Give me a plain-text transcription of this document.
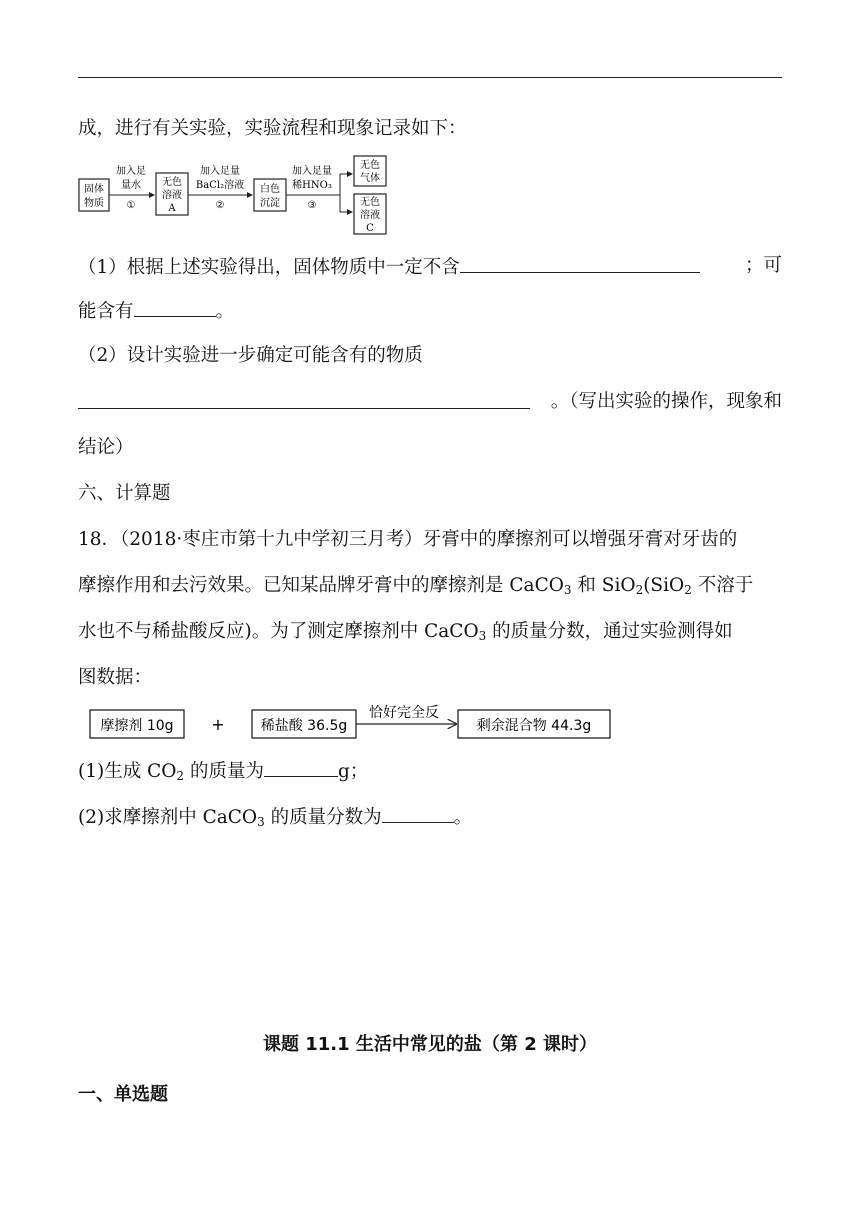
成，进行有关实验，实验流程和现象记录如下：
固体
物质
加入足
量水
①
无色
溶液
A
加入足量
BaCl₂溶液
②
白色
沉淀
加入足量
稀HNO₃
③
无色
气体
无色
溶液
C
（1）根据上述实验得出，固体物质中一定不含	；可
能含有	。
（2）设计实验进一步确定可能含有的物质
。（写出实验的操作，现象和
结论）
六、计算题
18．（2018·枣庄市第十九中学初三月考）牙膏中的摩擦剂可以增强牙膏对牙齿的
摩擦作用和去污效果。已知某品牌牙膏中的摩擦剂是 CaCO$_3$ 和 SiO$_2$(SiO$_2$ 不溶于
水也不与稀盐酸反应)。为了测定摩擦剂中 CaCO$_3$ 的质量分数，通过实验测得如
图数据：
摩擦剂 10g +	稀盐酸 36.5g
恰好完全反
剩余混合物 44.3g
(1)生成 $CO_2$ 的质量为	g；
(2)求摩擦剂中 CaCO$_3$ 的质量分数为	。
课题 11.1 生活中常见的盐（第 2 课时）
一、单选题
